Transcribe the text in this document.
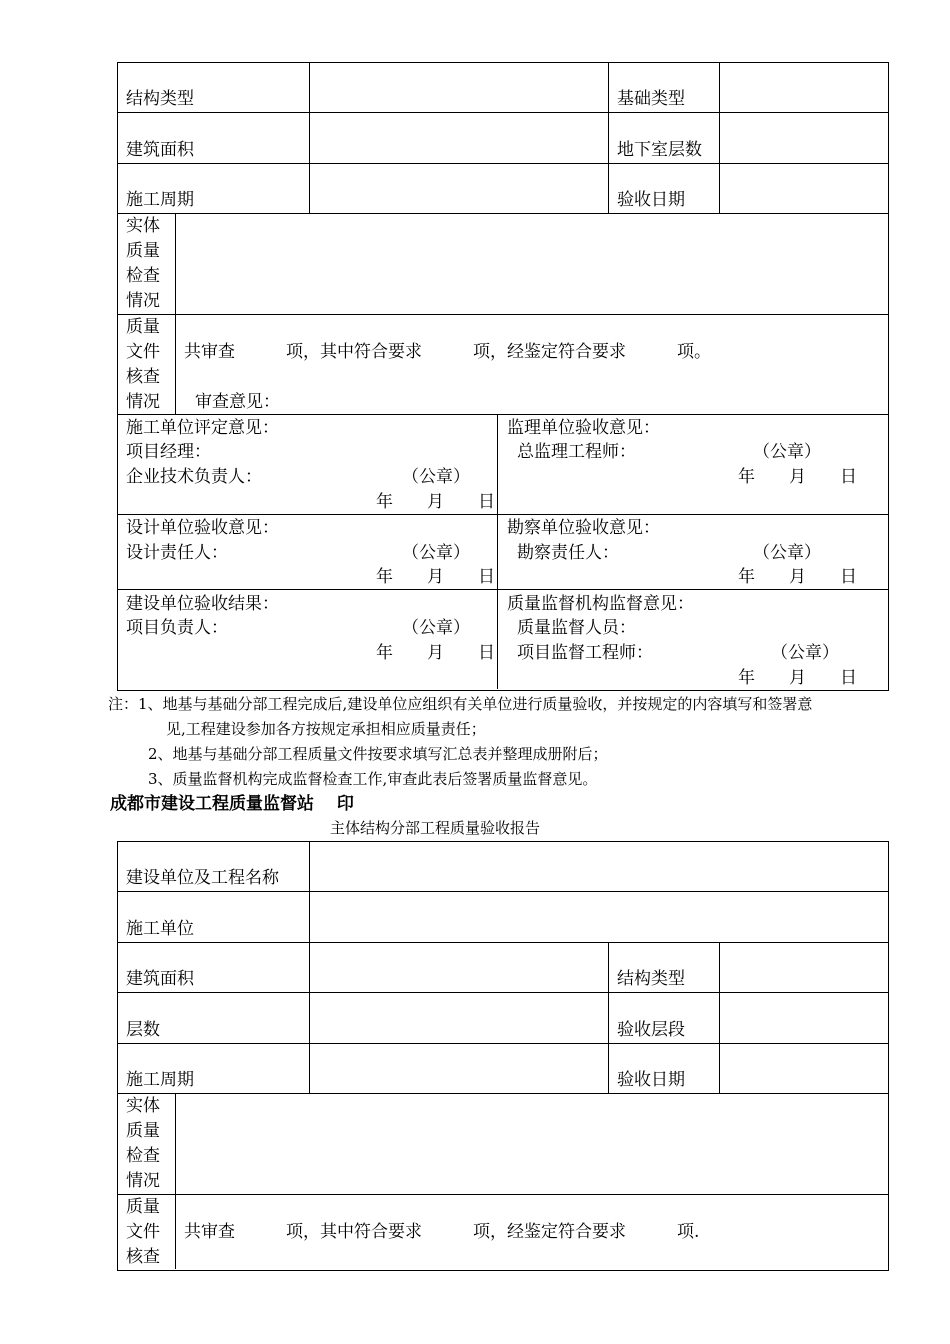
结构类型	基础类型
建筑面积	地下室层数
施工周期	验收日期
实体
质量
检查
情况
质量
文件
核查
情况
共审查　　　项，其中符合要求　　　项，经鉴定符合要求　　　项。
审查意见：
施工单位评定意见：
项目经理：
企业技术负责人：	（公章）
年　　月　　日
监理单位验收意见：
总监理工程师：	（公章）
年　　月　　日
设计单位验收意见：
设计责任人：	（公章）
年　　月　　日
勘察单位验收意见：
勘察责任人：	（公章）
年　　月　　日
建设单位验收结果：
项目负责人：	（公章）
年　　月　　日
质量监督机构监督意见：
质量监督人员：
项目监督工程师：	（公章）
年　　月　　日
注：1、地基与基础分部工程完成后,建设单位应组织有关单位进行质量验收，并按规定的内容填写和签署意
见,工程建设参加各方按规定承担相应质量责任；
2、地基与基础分部工程质量文件按要求填写汇总表并整理成册附后；
3、质量监督机构完成监督检查工作,审查此表后签署质量监督意见。
成都市建设工程质量监督站　 印
主体结构分部工程质量验收报告
建设单位及工程名称
施工单位
建筑面积	结构类型
层数	验收层段
施工周期	验收日期
实体
质量
检查
情况
质量
文件
核查
共审查　　　项，其中符合要求　　　项，经鉴定符合要求　　　项.
